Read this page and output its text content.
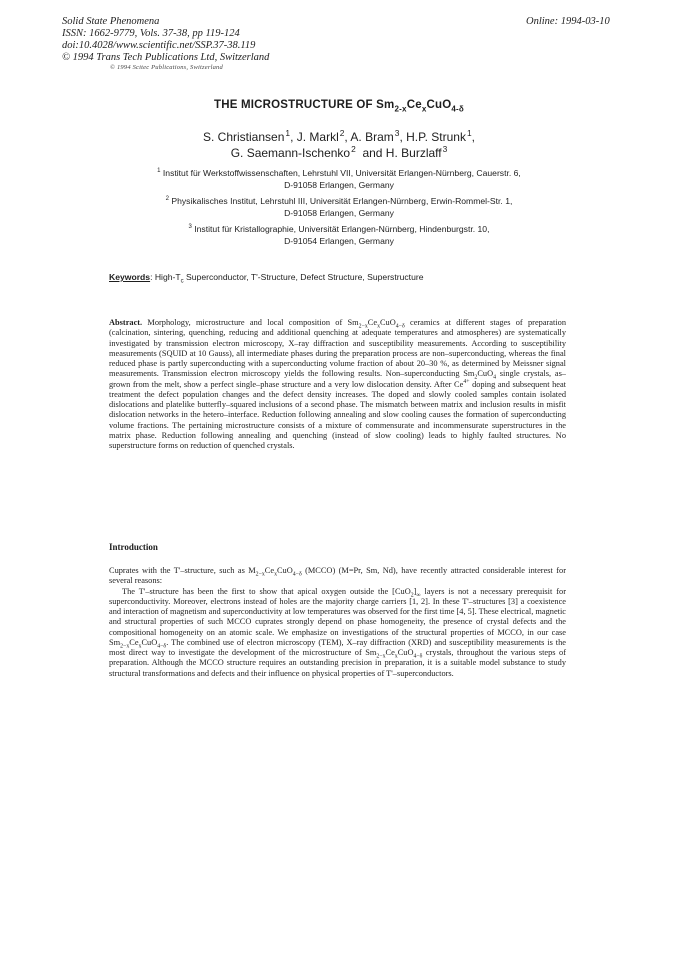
Solid State Phenomena
ISSN: 1662-9779, Vols. 37-38, pp 119-124
doi:10.4028/www.scientific.net/SSP.37-38.119
© 1994 Trans Tech Publications Ltd, Switzerland
© 1994 Scitec Publications, Switzerland
Online: 1994-03-10
THE MICROSTRUCTURE OF $Sm_{2-x}Ce_xCuO_{4-\delta}$
S. Christiansen $^1$, J. Markl $^2$, A. Bram $^3$, H.P. Strunk $^1$,
G. Saemann-Ischenko $^2$ and H. Burzlaff $^3$
$^1$ Institut für Werkstoffwissenschaften, Lehrstuhl VII, Universität Erlangen-Nürnberg, Cauerstr. 6,
D-91058 Erlangen, Germany
$^2$ Physikalisches Institut, Lehrstuhl III, Universität Erlangen-Nürnberg, Erwin-Rommel-Str. 1,
D-91058 Erlangen, Germany
$^3$ Institut für Kristallographie, Universität Erlangen-Nürnberg, Hindenburgstr. 10,
D-91054 Erlangen, Germany
Keywords: High-$T_c$ Superconductor, T'-Structure, Defect Structure, Superstructure

Abstract. Morphology, microstructure and local composition of $Sm_{2-x}Ce_xCuO_{4-\delta}$ ceramics at different stages of preparation (calcination, sintering, quenching, reducing and additional quenching at adequate temperatures and atmospheres) are systematically investigated by transmission electron microscopy, X–ray diffraction and susceptibility measurements. According to susceptibility measurements (SQUID at 10 Gauss), all intermediate phases during the preparation process are non–superconducting, whereas the final reduced phase is partly superconducting with a superconducting volume fraction of about 20–30 %, as determined by Meissner signal measurements. Transmission electron microscopy yields the following results. Non–superconducting $Sm_2CuO_4$ single crystals, as–grown from the melt, show a perfect single–phase structure and a very low dislocation density. After $Ce^{4+}$ doping and subsequent heat treatment the defect population changes and the defect density increases. The doped and slowly cooled samples contain isolated dislocations and platelike butterfly–squared inclusions of a second phase. The mismatch between matrix and inclusion results in misfit dislocation networks in the hetero–interface. Reduction following annealing and slow cooling causes the formation of superconducting volume fractions. The pertaining microstructure consists of a mixture of commensurate and incommensurate superstructures in the matrix phase. Reduction following annealing and quenching (instead of slow cooling) leads to highly faulted structures. No superstructure forms on reduction of quenched crystals.

Introduction

Cuprates with the T'–structure, such as $M_{2-x}Ce_xCuO_{4-\delta}$ (MCCO) (M=Pr, Sm, Nd), have recently attracted considerable interest for several reasons:

The T'–structure has been the first to show that apical oxygen outside the $[CuO_2]_\infty$ layers is not a necessary prerequisit for superconductivity. Moreover, electrons instead of holes are the majority charge carriers [1, 2]. In these T'–structures [3] a coexistence and interaction of magnetism and superconductivity at low temperatures was observed for the first time [4, 5]. These electrical, magnetic and structural properties of such MCCO cuprates strongly depend on phase homogeneity, the presence of crystal defects and the compositional homogeneity on an atomic scale. We emphasize on investigations of the structural properties of MCCO, in our case $Sm_{2-x}Ce_xCuO_{4-\delta}$. The combined use of electron microscopy (TEM), X–ray diffraction (XRD) and susceptibility measurements is the most direct way to investigate the development of the microstructure of $Sm_{2-x}Ce_xCuO_{4-\delta}$ crystals, throughout the various steps of preparation. Although the MCCO structure requires an outstanding precision in preparation, it is a suitable model substance to study structural transformations and defects and their influence on physical properties of T'–superconductors.
